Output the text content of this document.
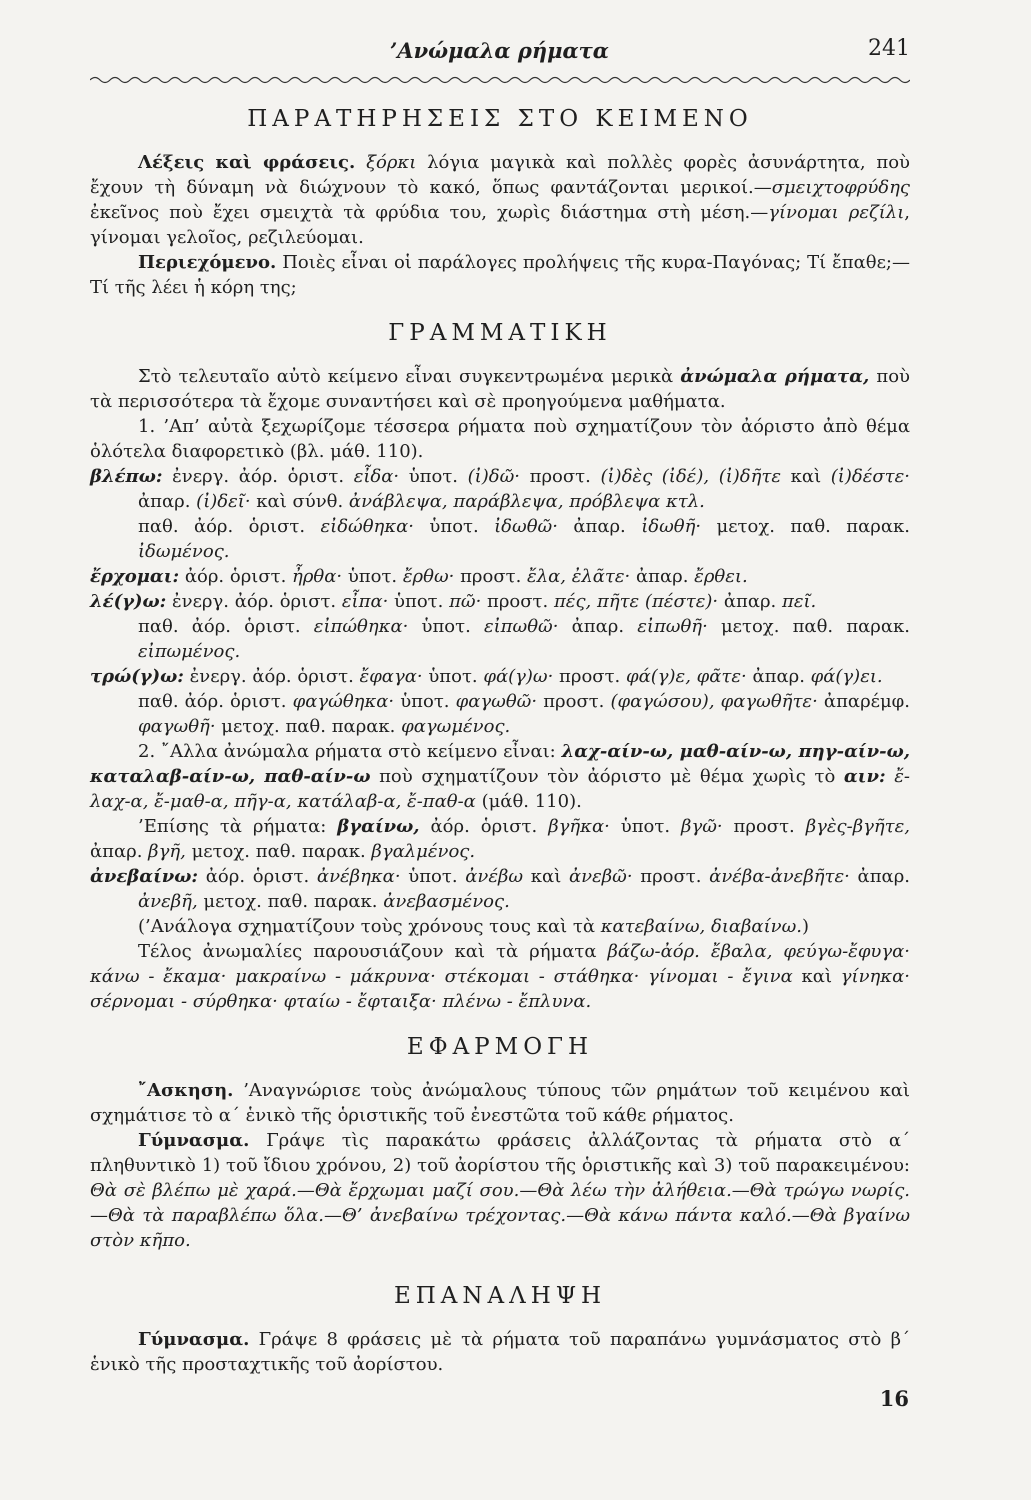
’Ανώμαλα ρήματα	241
ΠΑΡΑΤΗΡΗΣΕΙΣ ΣΤΟ ΚΕΙΜΕΝΟ

Λέξεις καὶ φράσεις. ξόρκι λόγια μαγικὰ καὶ πολλὲς φορὲς ἀσυνάρτητα, ποὺ ἔχουν τὴ δύναμη νὰ διώχνουν τὸ κακό, ὅπως φαντάζονται μερικοί.—σμειχτοφρύδης ἐκεῖνος ποὺ ἔχει σμειχτὰ τὰ φρύδια του, χωρὶς διάστημα στὴ μέση.—γίνομαι ρεζίλι, γίνομαι γελοῖος, ρεζιλεύομαι.

Περιεχόμενο. Ποιὲς εἶναι οἱ παράλογες προλήψεις τῆς κυρα-Παγόνας; Τί ἔπαθε;—Τί τῆς λέει ἡ κόρη της;

ΓΡΑΜΜΑΤΙΚΗ

Στὸ τελευταῖο αὐτὸ κείμενο εἶναι συγκεντρωμένα μερικὰ ἀνώμαλα ρήματα, ποὺ τὰ περισσότερα τὰ ἔχομε συναντήσει καὶ σὲ προηγούμενα μαθήματα.

1. ’Απ’ αὐτὰ ξεχωρίζομε τέσσερα ρήματα ποὺ σχηματίζουν τὸν ἀόριστο ἀπὸ θέμα ὁλότελα διαφορετικὸ (βλ. μάθ. 110).

βλέπω: ἐνεργ. ἀόρ. ὁριστ. εἶδα· ὑποτ. (ἰ)δῶ· προστ. (ἰ)δὲς (ἰδέ), (ἰ)δῆτε καὶ (ἰ)δέστε· ἀπαρ. (ἰ)δεῖ· καὶ σύνθ. ἀνάβλεψα, παράβλεψα, πρόβλεψα κτλ.

παθ. ἀόρ. ὁριστ. εἰδώθηκα· ὑποτ. ἰδωθῶ· ἀπαρ. ἰδωθῆ· μετοχ. παθ. παρακ. ἰδωμένος.

ἔρχομαι: ἀόρ. ὁριστ. ἦρθα· ὑποτ. ἔρθω· προστ. ἔλα, ἐλᾶτε· ἀπαρ. ἔρθει.

λέ(γ)ω: ἐνεργ. ἀόρ. ὁριστ. εἶπα· ὑποτ. πῶ· προστ. πές, πῆτε (πέστε)· ἀπαρ. πεῖ.

παθ. ἀόρ. ὁριστ. εἰπώθηκα· ὑποτ. εἰπωθῶ· ἀπαρ. εἰπωθῆ· μετοχ. παθ. παρακ. εἰπωμένος.

τρώ(γ)ω: ἐνεργ. ἀόρ. ὁριστ. ἔφαγα· ὑποτ. φά(γ)ω· προστ. φά(γ)ε, φᾶτε· ἀπαρ. φά(γ)ει.

παθ. ἀόρ. ὁριστ. φαγώθηκα· ὑποτ. φαγωθῶ· προστ. (φαγώσου), φαγωθῆτε· ἀπαρέμφ. φαγωθῆ· μετοχ. παθ. παρακ. φαγωμένος.

2. ῎Αλλα ἀνώμαλα ρήματα στὸ κείμενο εἶναι: λαχ-αίν-ω, μαθ-αίν-ω, πηγ-αίν-ω, καταλαβ-αίν-ω, παθ-αίν-ω ποὺ σχηματίζουν τὸν ἀόριστο μὲ θέμα χωρὶς τὸ αιν: ἔ-λαχ-α, ἔ-μαθ-α, πῆγ-α, κατάλαβ-α, ἔ-παθ-α (μάθ. 110).

’Επίσης τὰ ρήματα: βγαίνω, ἀόρ. ὁριστ. βγῆκα· ὑποτ. βγῶ· προστ. βγὲς-βγῆτε, ἀπαρ. βγῆ, μετοχ. παθ. παρακ. βγαλμένος.

ἀνεβαίνω: ἀόρ. ὁριστ. ἀνέβηκα· ὑποτ. ἀνέβω καὶ ἀνεβῶ· προστ. ἀνέβα-ἀνεβῆτε· ἀπαρ. ἀνεβῆ, μετοχ. παθ. παρακ. ἀνεβασμένος.

(’Ανάλογα σχηματίζουν τοὺς χρόνους τους καὶ τὰ κατεβαίνω, διαβαίνω.)

Τέλος ἀνωμαλίες παρουσιάζουν καὶ τὰ ρήματα βάζω-ἀόρ. ἔβαλα, φεύγω-ἔφυγα· κάνω - ἔκαμα· μακραίνω - μάκρυνα· στέκομαι - στάθηκα· γίνομαι - ἔγινα καὶ γίνηκα· σέρνομαι - σύρθηκα· φταίω - ἔφταιξα· πλένω - ἔπλυνα.

ΕΦΑΡΜΟΓΗ

῎Ασκηση. ’Αναγνώρισε τοὺς ἀνώμαλους τύπους τῶν ρημάτων τοῦ κειμένου καὶ σχημάτισε τὸ α΄ ἑνικὸ τῆς ὁριστικῆς τοῦ ἐνεστῶτα τοῦ κάθε ρήματος.

Γύμνασμα. Γράψε τὶς παρακάτω φράσεις ἀλλάζοντας τὰ ρήματα στὸ α΄ πληθυντικὸ 1) τοῦ ἴδιου χρόνου, 2) τοῦ ἀορίστου τῆς ὁριστικῆς καὶ 3) τοῦ παρακειμένου: Θὰ σὲ βλέπω μὲ χαρά.—Θὰ ἔρχωμαι μαζί σου.—Θὰ λέω τὴν ἀλήθεια.—Θὰ τρώγω νωρίς.—Θὰ τὰ παραβλέπω ὅλα.—Θ’ ἀνεβαίνω τρέχοντας.—Θὰ κάνω πάντα καλό.—Θὰ βγαίνω στὸν κῆπο.

ΕΠΑΝΑΛΗΨΗ

Γύμνασμα. Γράψε 8 φράσεις μὲ τὰ ρήματα τοῦ παραπάνω γυμνάσματος στὸ β΄ ἑνικὸ τῆς προσταχτικῆς τοῦ ἀορίστου.

16
